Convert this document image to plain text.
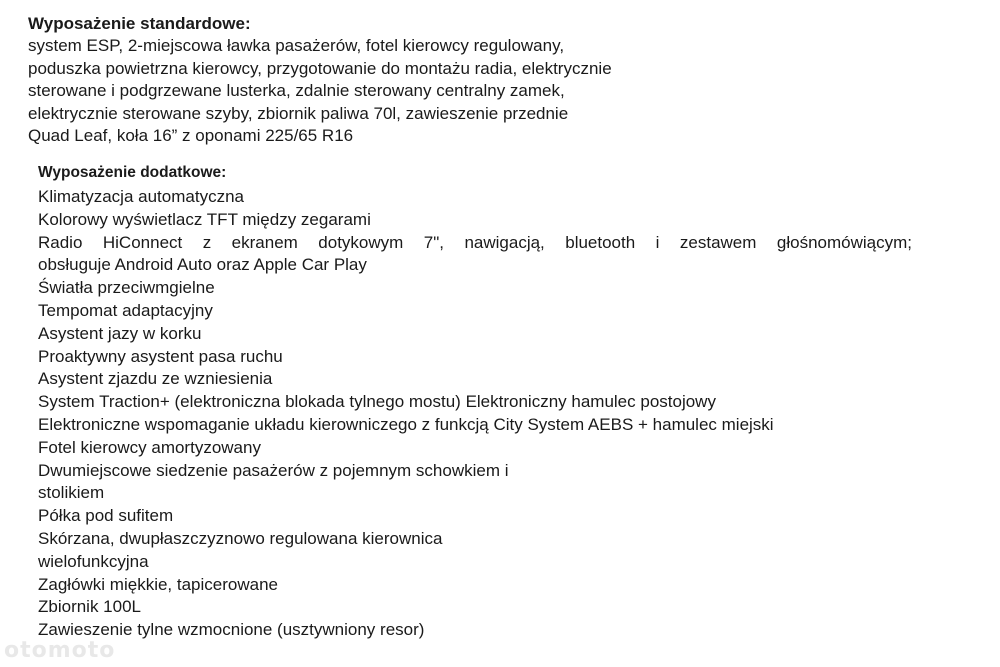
Wyposażenie standardowe:
system ESP, 2-miejscowa ławka pasażerów, fotel kierowcy regulowany,
poduszka powietrzna kierowcy, przygotowanie do montażu radia, elektrycznie
sterowane i podgrzewane lusterka, zdalnie sterowany centralny zamek,
elektrycznie sterowane szyby, zbiornik paliwa 70l, zawieszenie przednie
Quad Leaf, koła 16” z oponami 225/65 R16
Wyposażenie dodatkowe:
Klimatyzacja automatyczna
Kolorowy wyświetlacz TFT między zegarami
Radio HiConnect z ekranem dotykowym 7", nawigacją, bluetooth i zestawem głośnomówiącym;
obsługuje Android Auto oraz Apple Car Play
Światła przeciwmgielne
Tempomat adaptacyjny
Asystent jazy w korku
Proaktywny asystent pasa ruchu
Asystent zjazdu ze wzniesienia
System Traction+ (elektroniczna blokada tylnego mostu) Elektroniczny hamulec postojowy
Elektroniczne wspomaganie układu kierowniczego z funkcją City System AEBS + hamulec miejski
Fotel kierowcy amortyzowany
Dwumiejscowe siedzenie pasażerów z pojemnym schowkiem i
stolikiem
Półka pod sufitem
Skórzana, dwupłaszczyznowo regulowana kierownica
wielofunkcyjna
Zagłówki miękkie, tapicerowane
Zbiornik 100L
Zawieszenie tylne wzmocnione (usztywniony resor)
otomoto
